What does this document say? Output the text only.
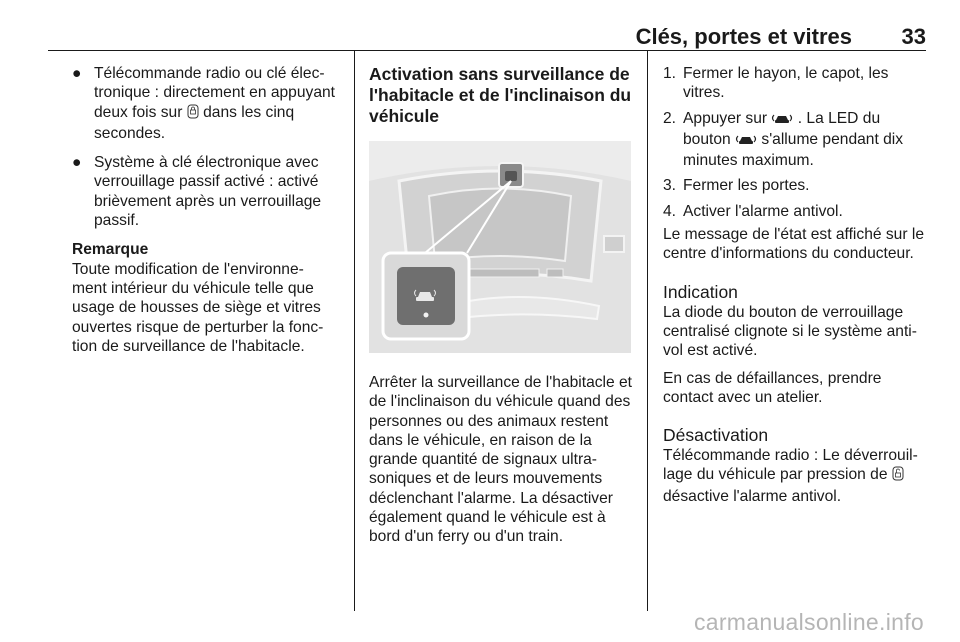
Clés, portes et vitres 33
● Télécommande radio ou clé élec-tronique : directement en appuyant deux fois sur dans les cinq secondes.
● Système à clé électronique avec verrouillage passif activé : activé brièvement après un verrouillage passif.

Remarque

Toute modification de l'environne-ment intérieur du véhicule telle que usage de housses de siège et vitres ouvertes risque de perturber la fonc-tion de surveillance de l'habitacle.

Activation sans surveillance de l'habitacle et de l'inclinaison du véhicule

Arrêter la surveillance de l'habitacle et de l'inclinaison du véhicule quand des personnes ou des animaux restent dans le véhicule, en raison de la grande quantité de signaux ultra-soniques et de leurs mouvements déclenchant l'alarme. La désactiver également quand le véhicule est à bord d'un ferry ou d'un train.

1. Fermer le hayon, le capot, les vitres.
2. Appuyer sur . La LED du bouton s'allume pendant dix minutes maximum.
3. Fermer les portes.
4. Activer l'alarme antivol.

Le message de l'état est affiché sur le centre d'informations du conducteur.

Indication

La diode du bouton de verrouillage centralisé clignote si le système anti-vol est activé.

En cas de défaillances, prendre contact avec un atelier.

Désactivation

Télécommande radio : Le déverrouil-lage du véhicule par pression de  désactive l'alarme antivol.

carmanualsonline.info
